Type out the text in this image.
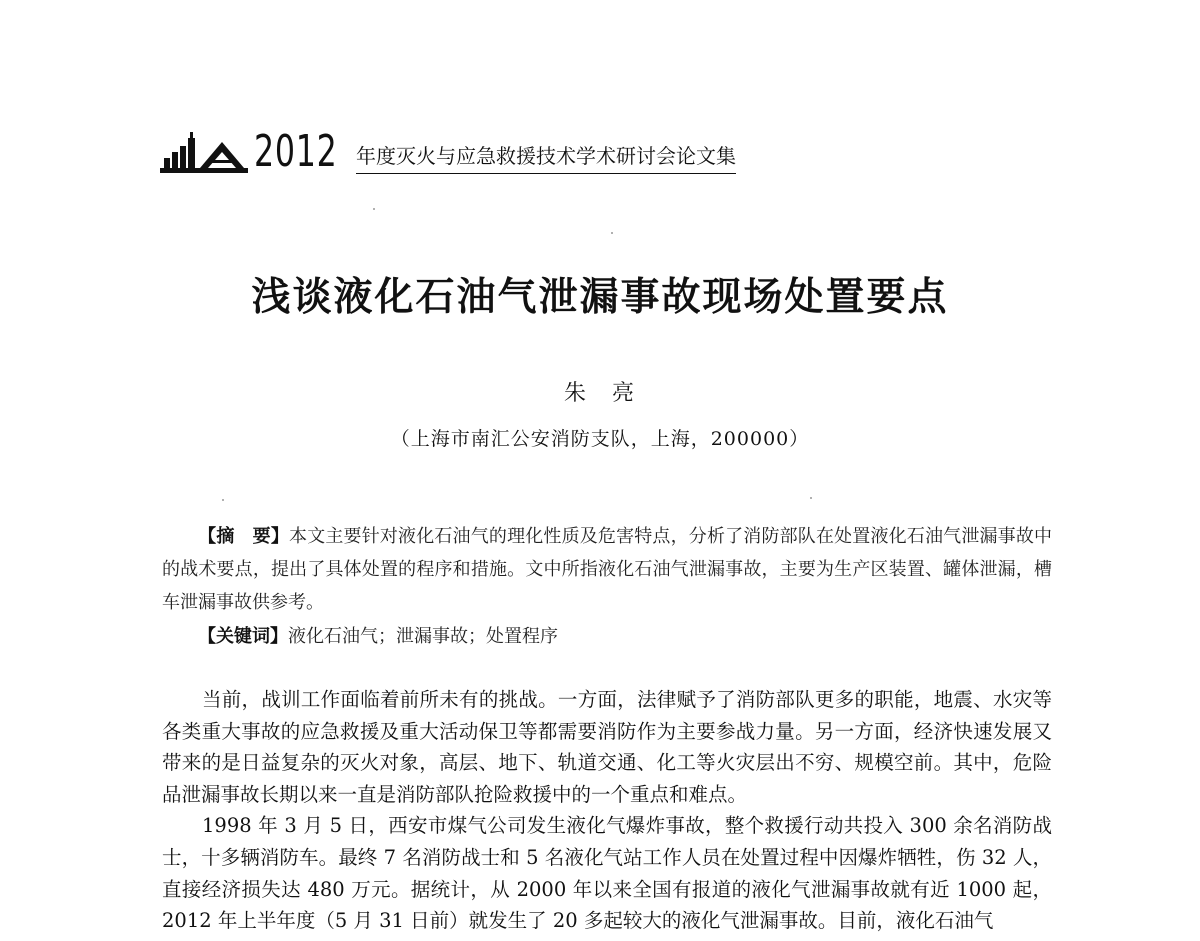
2012 年度灭火与应急救援技术学术研讨会论文集
浅谈液化石油气泄漏事故现场处置要点
朱　亮
（上海市南汇公安消防支队，上海，200000）
【摘　要】本文主要针对液化石油气的理化性质及危害特点，分析了消防部队在处置液化石油气泄漏事故中的战术要点，提出了具体处置的程序和措施。文中所指液化石油气泄漏事故，主要为生产区装置、罐体泄漏，槽车泄漏事故供参考。
【关键词】液化石油气；泄漏事故；处置程序

当前，战训工作面临着前所未有的挑战。一方面，法律赋予了消防部队更多的职能，地震、水灾等各类重大事故的应急救援及重大活动保卫等都需要消防作为主要参战力量。另一方面，经济快速发展又带来的是日益复杂的灭火对象，高层、地下、轨道交通、化工等火灾层出不穷、规模空前。其中，危险品泄漏事故长期以来一直是消防部队抢险救援中的一个重点和难点。

1998 年 3 月 5 日，西安市煤气公司发生液化气爆炸事故，整个救援行动共投入 300 余名消防战士，十多辆消防车。最终 7 名消防战士和 5 名液化气站工作人员在处置过程中因爆炸牺牲，伤 32 人，直接经济损失达 480 万元。据统计，从 2000 年以来全国有报道的液化气泄漏事故就有近 1000 起，2012 年上半年度（5 月 31 日前）就发生了 20 多起较大的液化气泄漏事故。目前，液化石油气
